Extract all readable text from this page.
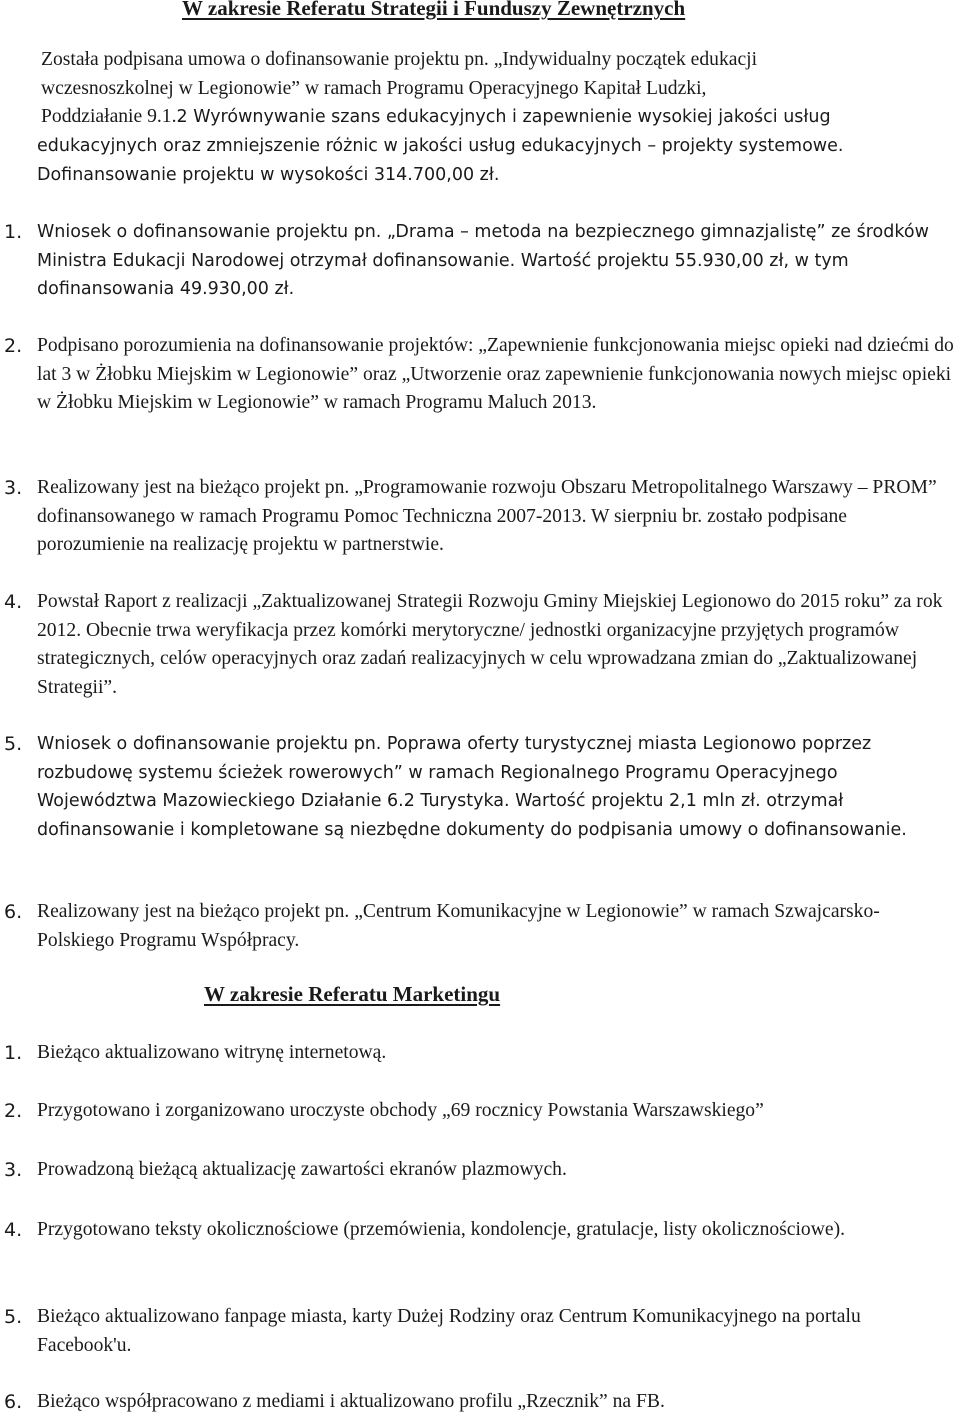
W zakresie Referatu Strategii i Funduszy Zewnętrznych
Została podpisana umowa o dofinansowanie projektu pn. „Indywidualny początek edukacji
wczesnoszkolnej w Legionowie” w ramach Programu Operacyjnego Kapitał Ludzki,
Poddziałanie 9.1.2 Wyrównywanie szans edukacyjnych i zapewnienie wysokiej jakości usług

edukacyjnych oraz zmniejszenie różnic w jakości usług edukacyjnych – projekty systemowe. Dofinansowanie projektu w wysokości 314.700,00 zł.

1. Wniosek o dofinansowanie projektu pn. „Drama – metoda na bezpiecznego gimnazjalistę” ze środków Ministra Edukacji Narodowej otrzymał dofinansowanie. Wartość projektu 55.930,00 zł, w tym dofinansowania 49.930,00 zł.

2. Podpisano porozumienia na dofinansowanie projektów: „Zapewnienie funkcjonowania miejsc opieki nad dziećmi do lat 3 w Żłobku Miejskim w Legionowie” oraz „Utworzenie oraz zapewnienie funkcjonowania nowych miejsc opieki w Żłobku Miejskim w Legionowie” w ramach Programu Maluch 2013.

3. Realizowany jest na bieżąco projekt pn. „Programowanie rozwoju Obszaru Metropolitalnego Warszawy – PROM” dofinansowanego w ramach Programu Pomoc Techniczna 2007-2013. W sierpniu br. zostało podpisane porozumienie na realizację projektu w partnerstwie.

4. Powstał Raport z realizacji „Zaktualizowanej Strategii Rozwoju Gminy Miejskiej Legionowo do 2015 roku” za rok 2012. Obecnie trwa weryfikacja przez komórki merytoryczne/ jednostki organizacyjne przyjętych programów strategicznych, celów operacyjnych oraz zadań realizacyjnych w celu wprowadzana zmian do „Zaktualizowanej Strategii”.

5. Wniosek o dofinansowanie projektu pn. Poprawa oferty turystycznej miasta Legionowo poprzez rozbudowę systemu ścieżek rowerowych” w ramach Regionalnego Programu Operacyjnego Województwa Mazowieckiego Działanie 6.2 Turystyka. Wartość projektu 2,1 mln zł. otrzymał dofinansowanie i kompletowane są niezbędne dokumenty do podpisania umowy o dofinansowanie.

6. Realizowany jest na bieżąco projekt pn. „Centrum Komunikacyjne w Legionowie” w ramach Szwajcarsko-Polskiego Programu Współpracy.

W zakresie Referatu Marketingu
1. Bieżąco aktualizowano witrynę internetową.

2. Przygotowano i zorganizowano uroczyste obchody „69 rocznicy Powstania Warszawskiego”

3. Prowadzoną bieżącą aktualizację zawartości ekranów plazmowych.

4. Przygotowano teksty okolicznościowe (przemówienia, kondolencje, gratulacje, listy okolicznościowe).

5. Bieżąco aktualizowano fanpage miasta, karty Dużej Rodziny oraz Centrum Komunikacyjnego na portalu Facebook'u.

6. Bieżąco współpracowano z mediami i aktualizowano profilu „Rzecznik” na FB.
